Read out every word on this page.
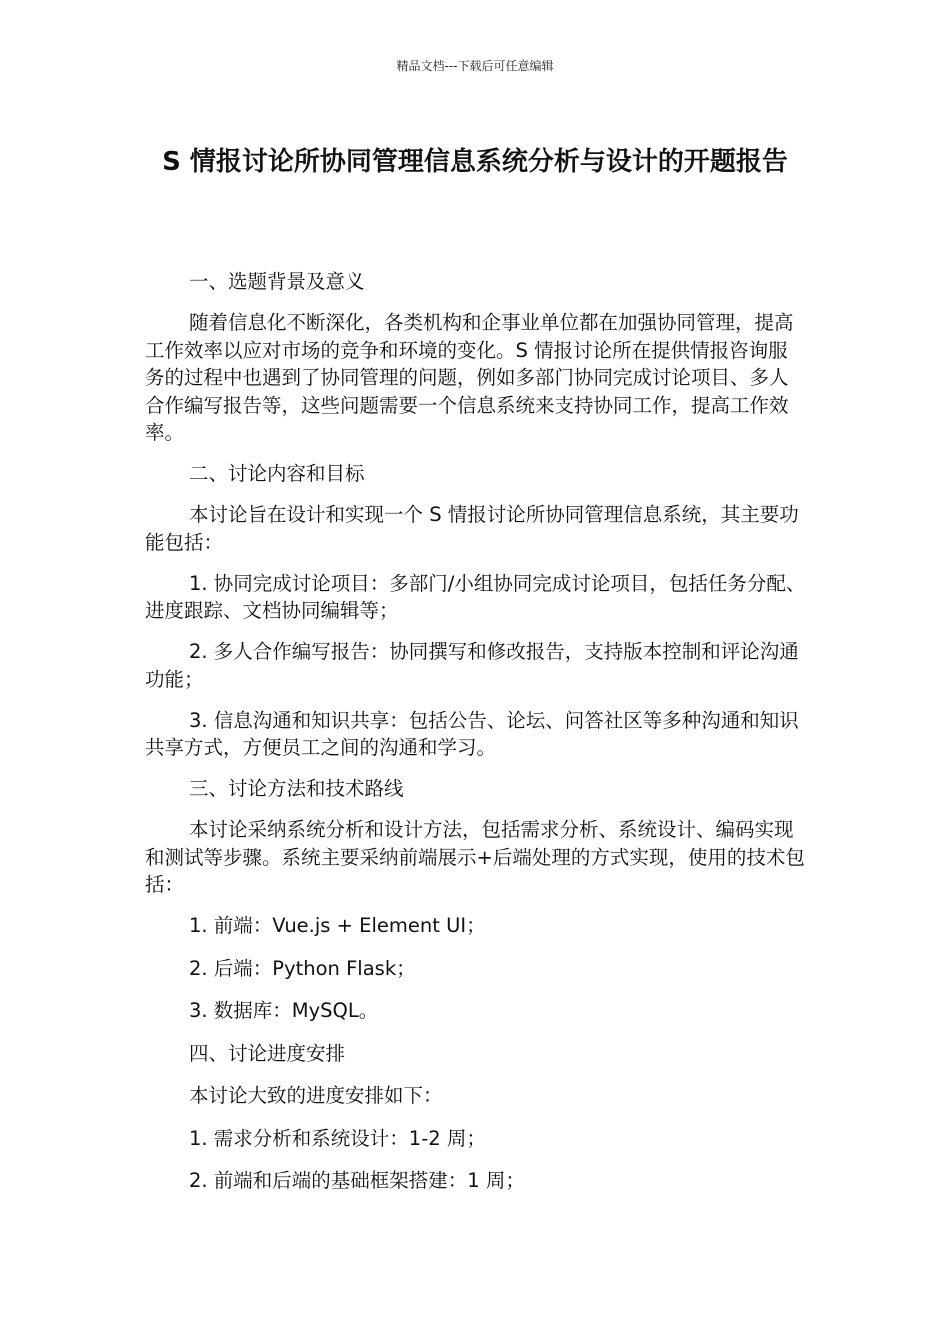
精品文档---下载后可任意编辑
S 情报讨论所协同管理信息系统分析与设计的开题报告

一、选题背景及意义

随着信息化不断深化，各类机构和企事业单位都在加强协同管理，提高工作效率以应对市场的竞争和环境的变化。S 情报讨论所在提供情报咨询服务的过程中也遇到了协同管理的问题，例如多部门协同完成讨论项目、多人合作编写报告等，这些问题需要一个信息系统来支持协同工作，提高工作效率。

二、讨论内容和目标

本讨论旨在设计和实现一个 S 情报讨论所协同管理信息系统，其主要功能包括：

1. 协同完成讨论项目：多部门/小组协同完成讨论项目，包括任务分配、进度跟踪、文档协同编辑等；

2. 多人合作编写报告：协同撰写和修改报告，支持版本控制和评论沟通功能；

3. 信息沟通和知识共享：包括公告、论坛、问答社区等多种沟通和知识共享方式，方便员工之间的沟通和学习。

三、讨论方法和技术路线

本讨论采纳系统分析和设计方法，包括需求分析、系统设计、编码实现和测试等步骤。系统主要采纳前端展示+后端处理的方式实现，使用的技术包括：

1. 前端：Vue.js + Element UI；

2. 后端：Python Flask；

3. 数据库：MySQL。

四、讨论进度安排

本讨论大致的进度安排如下：

1. 需求分析和系统设计：1-2 周；

2. 前端和后端的基础框架搭建：1 周；
